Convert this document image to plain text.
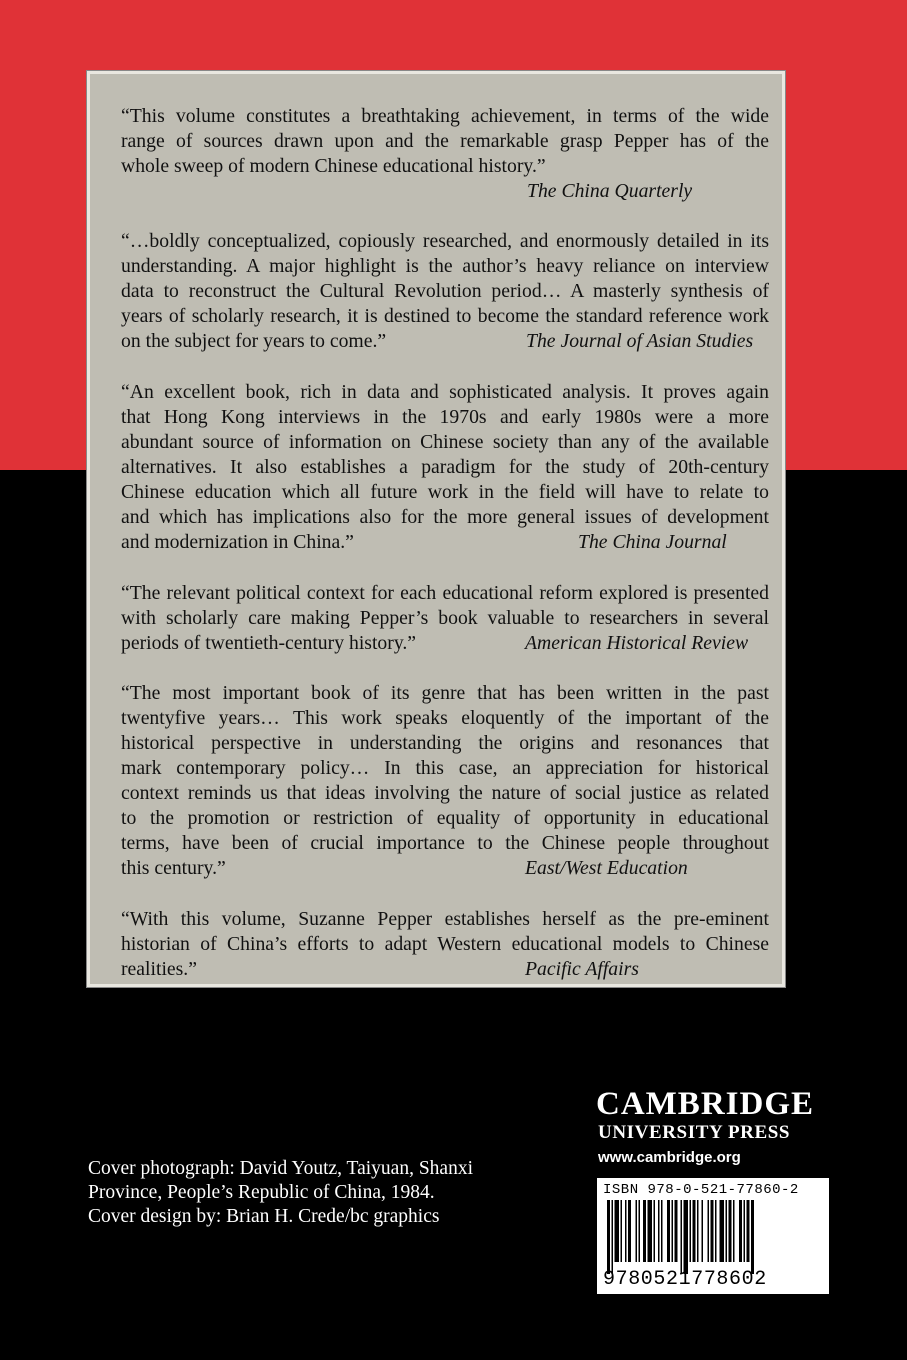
“This volume constitutes a breathtaking achievement, in terms of the wide
range of sources drawn upon and the remarkable grasp Pepper has of the
whole sweep of modern Chinese educational history.”
The China Quarterly
“…boldly conceptualized, copiously researched, and enormously detailed in its
understanding. A major highlight is the author’s heavy reliance on interview
data to reconstruct the Cultural Revolution period… A masterly synthesis of
years of scholarly research, it is destined to become the standard reference work
on the subject for years to come.”	The Journal of Asian Studies
“An excellent book, rich in data and sophisticated analysis. It proves again
that Hong Kong interviews in the 1970s and early 1980s were a more
abundant source of information on Chinese society than any of the available
alternatives. It also establishes a paradigm for the study of 20th-century
Chinese education which all future work in the field will have to relate to
and which has implications also for the more general issues of development
and modernization in China.”	The China Journal
“The relevant political context for each educational reform explored is presented
with scholarly care making Pepper’s book valuable to researchers in several
periods of twentieth-century history.”	American Historical Review
“The most important book of its genre that has been written in the past
twentyfive years… This work speaks eloquently of the important of the
historical perspective in understanding the origins and resonances that
mark contemporary policy… In this case, an appreciation for historical
context reminds us that ideas involving the nature of social justice as related
to the promotion or restriction of equality of opportunity in educational
terms, have been of crucial importance to the Chinese people throughout
this century.”	East/West Education
“With this volume, Suzanne Pepper establishes herself as the pre-eminent
historian of China’s efforts to adapt Western educational models to Chinese
realities.”	Pacific Affairs
CAMBRIDGE
UNIVERSITY PRESS
www.cambridge.org
Cover photograph: David Youtz, Taiyuan, Shanxi
Province, People’s Republic of China, 1984.
Cover design by: Brian H. Crede/bc graphics
ISBN 978-0-521-77860-2
9780521778602
